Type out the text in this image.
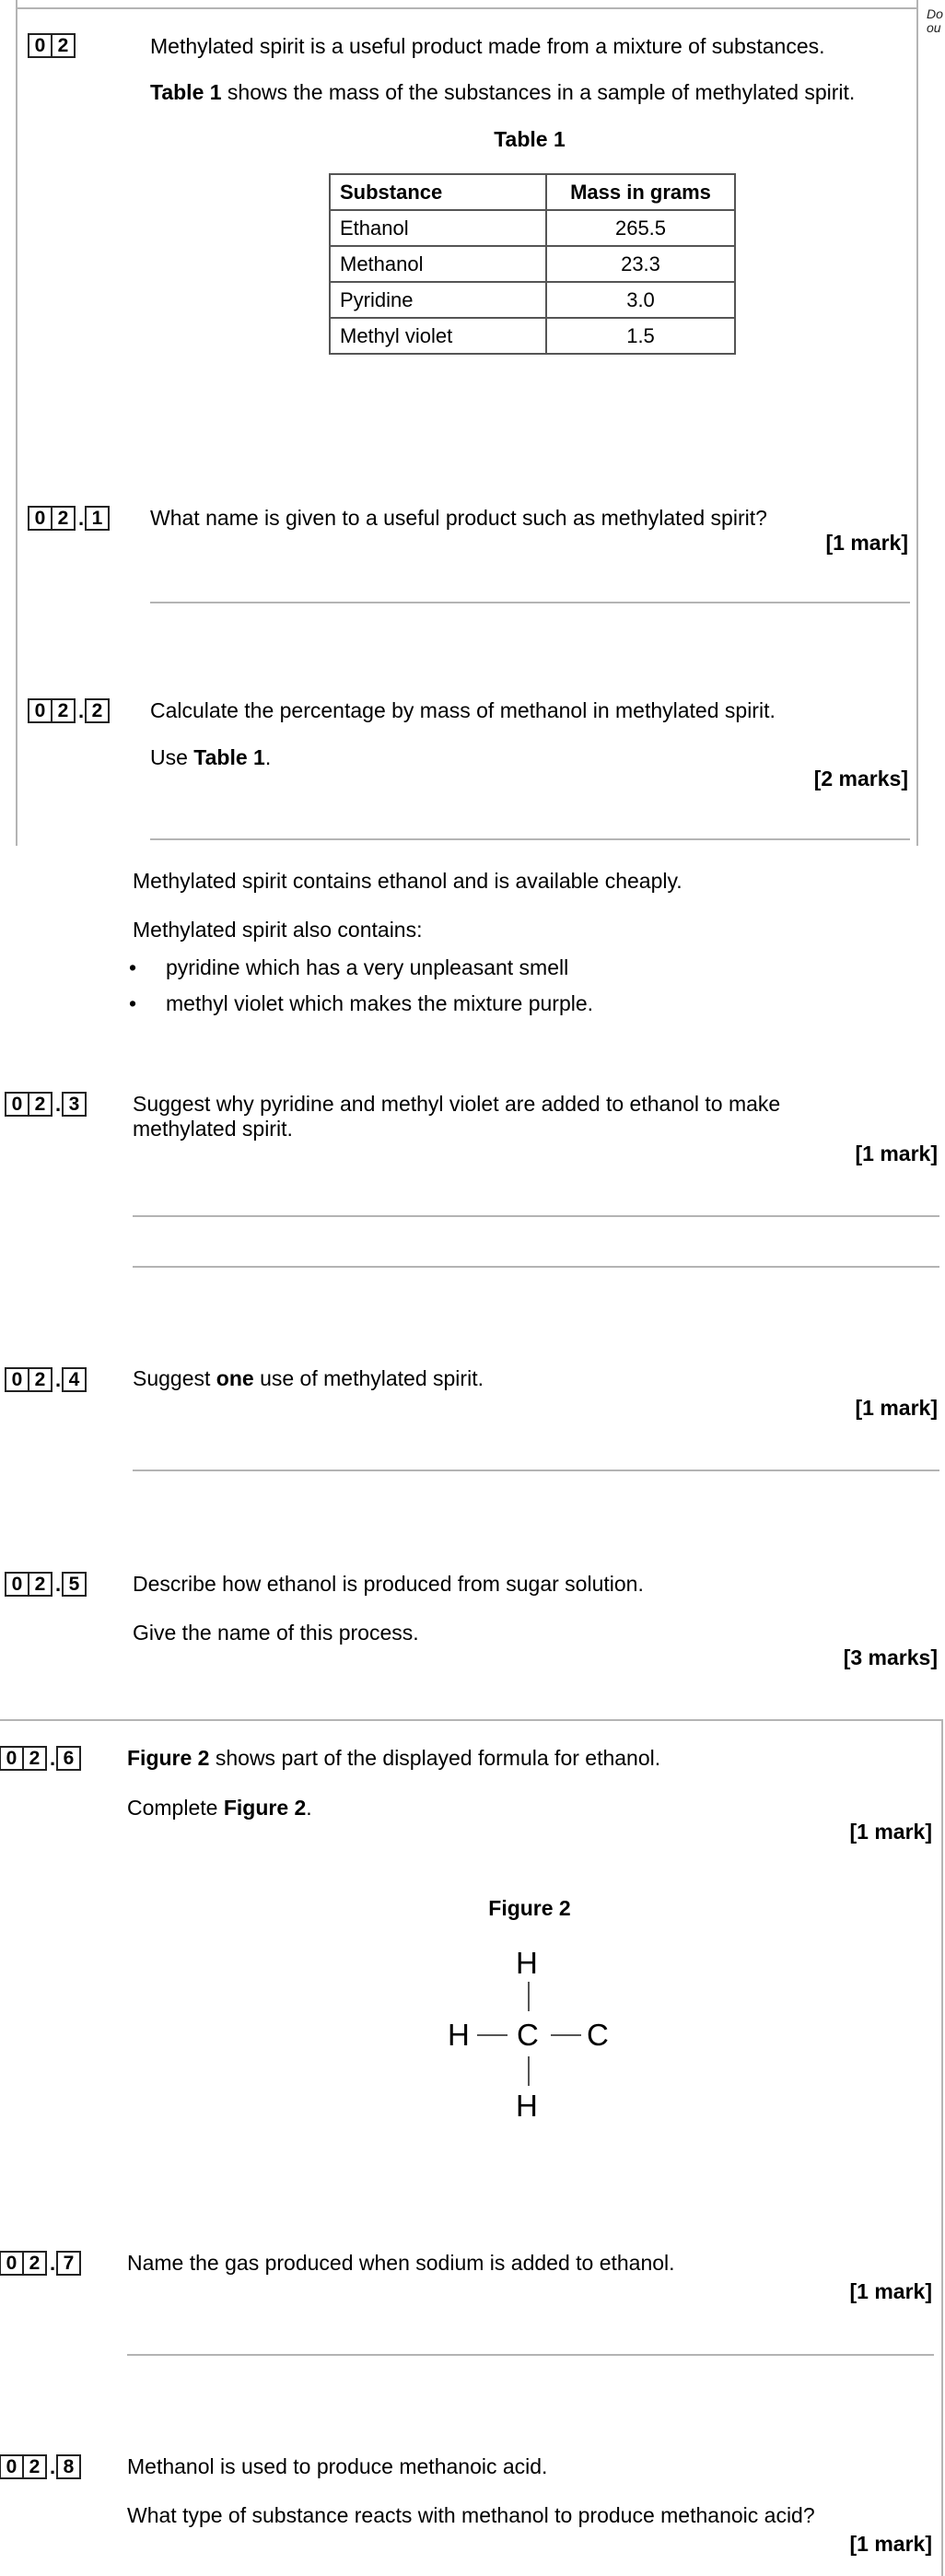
Do
ou
0 2	Methylated spirit is a useful product made from a mixture of substances.
Table 1 shows the mass of the substances in a sample of methylated spirit.
Table 1
Substance	Mass in grams
Ethanol	265.5
Methanol	23.3
Pyridine	3.0
Methyl violet	1.5
0 2 . 1	What name is given to a useful product such as methylated spirit?
[1 mark]
0 2 . 2	Calculate the percentage by mass of methanol in methylated spirit.
Use Table 1.
[2 marks]
Methylated spirit contains ethanol and is available cheaply.
Methylated spirit also contains:
• pyridine which has a very unpleasant smell
• methyl violet which makes the mixture purple.
0 2 . 3	Suggest why pyridine and methyl violet are added to ethanol to make
methylated spirit.
[1 mark]
0 2 . 4	Suggest one use of methylated spirit.
[1 mark]
0 2 . 5	Describe how ethanol is produced from sugar solution.
Give the name of this process.
[3 marks]
0 2 . 6	Figure 2 shows part of the displayed formula for ethanol.
Complete Figure 2.
[1 mark]
Figure 2
H
H C C
H
0 2 . 7	Name the gas produced when sodium is added to ethanol.
[1 mark]
0 2 . 8	Methanol is used to produce methanoic acid.
What type of substance reacts with methanol to produce methanoic acid?
[1 mark]
